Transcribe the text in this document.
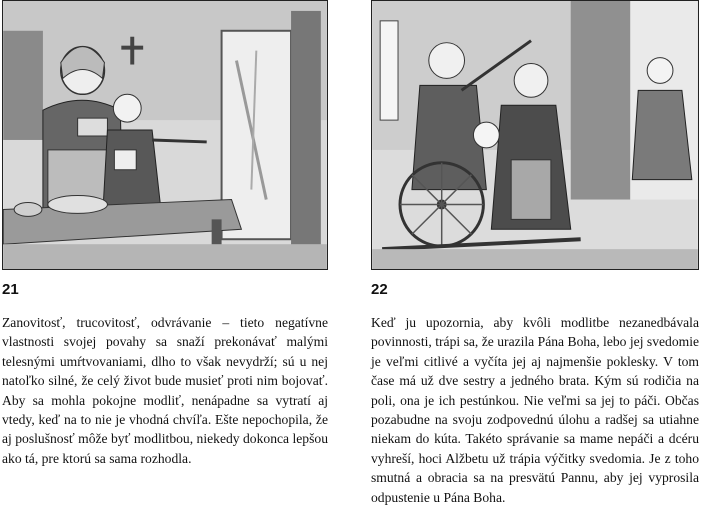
21
Zanovitosť, trucovitosť, odvrávanie – tieto negatívne vlastnosti svojej povahy sa snaží prekonávať malými telesnými umŕtvovaniami, dlho to však nevydrží; sú u nej natoľko silné, že celý život bude musieť proti nim bojovať. Aby sa mohla pokojne modliť, nenápadne sa vytratí aj vtedy, keď na to nie je vhodná chvíľa. Ešte nepochopila, že aj poslušnosť môže byť modlitbou, niekedy dokonca lepšou ako tá, pre ktorú sa sama rozhodla.
22
Keď ju upozornia, aby kvôli modlitbe nezanedbávala povinnosti, trápi sa, že urazila Pána Boha, lebo jej svedomie je veľmi citlivé a vyčíta jej aj najmenšie poklesky. V tom čase má už dve sestry a jedného brata. Kým sú rodičia na poli, ona je ich pestúnkou. Nie veľmi sa jej to páči. Občas pozabudne na svoju zodpovednú úlohu a radšej sa utiahne niekam do kúta. Takéto správanie sa mame nepáči a dcéru vyhreší, hoci Alžbetu už trápia výčitky svedomia. Je z toho smutná a obracia sa na presvätú Pannu, aby jej vyprosila odpustenie u Pána Boha.
